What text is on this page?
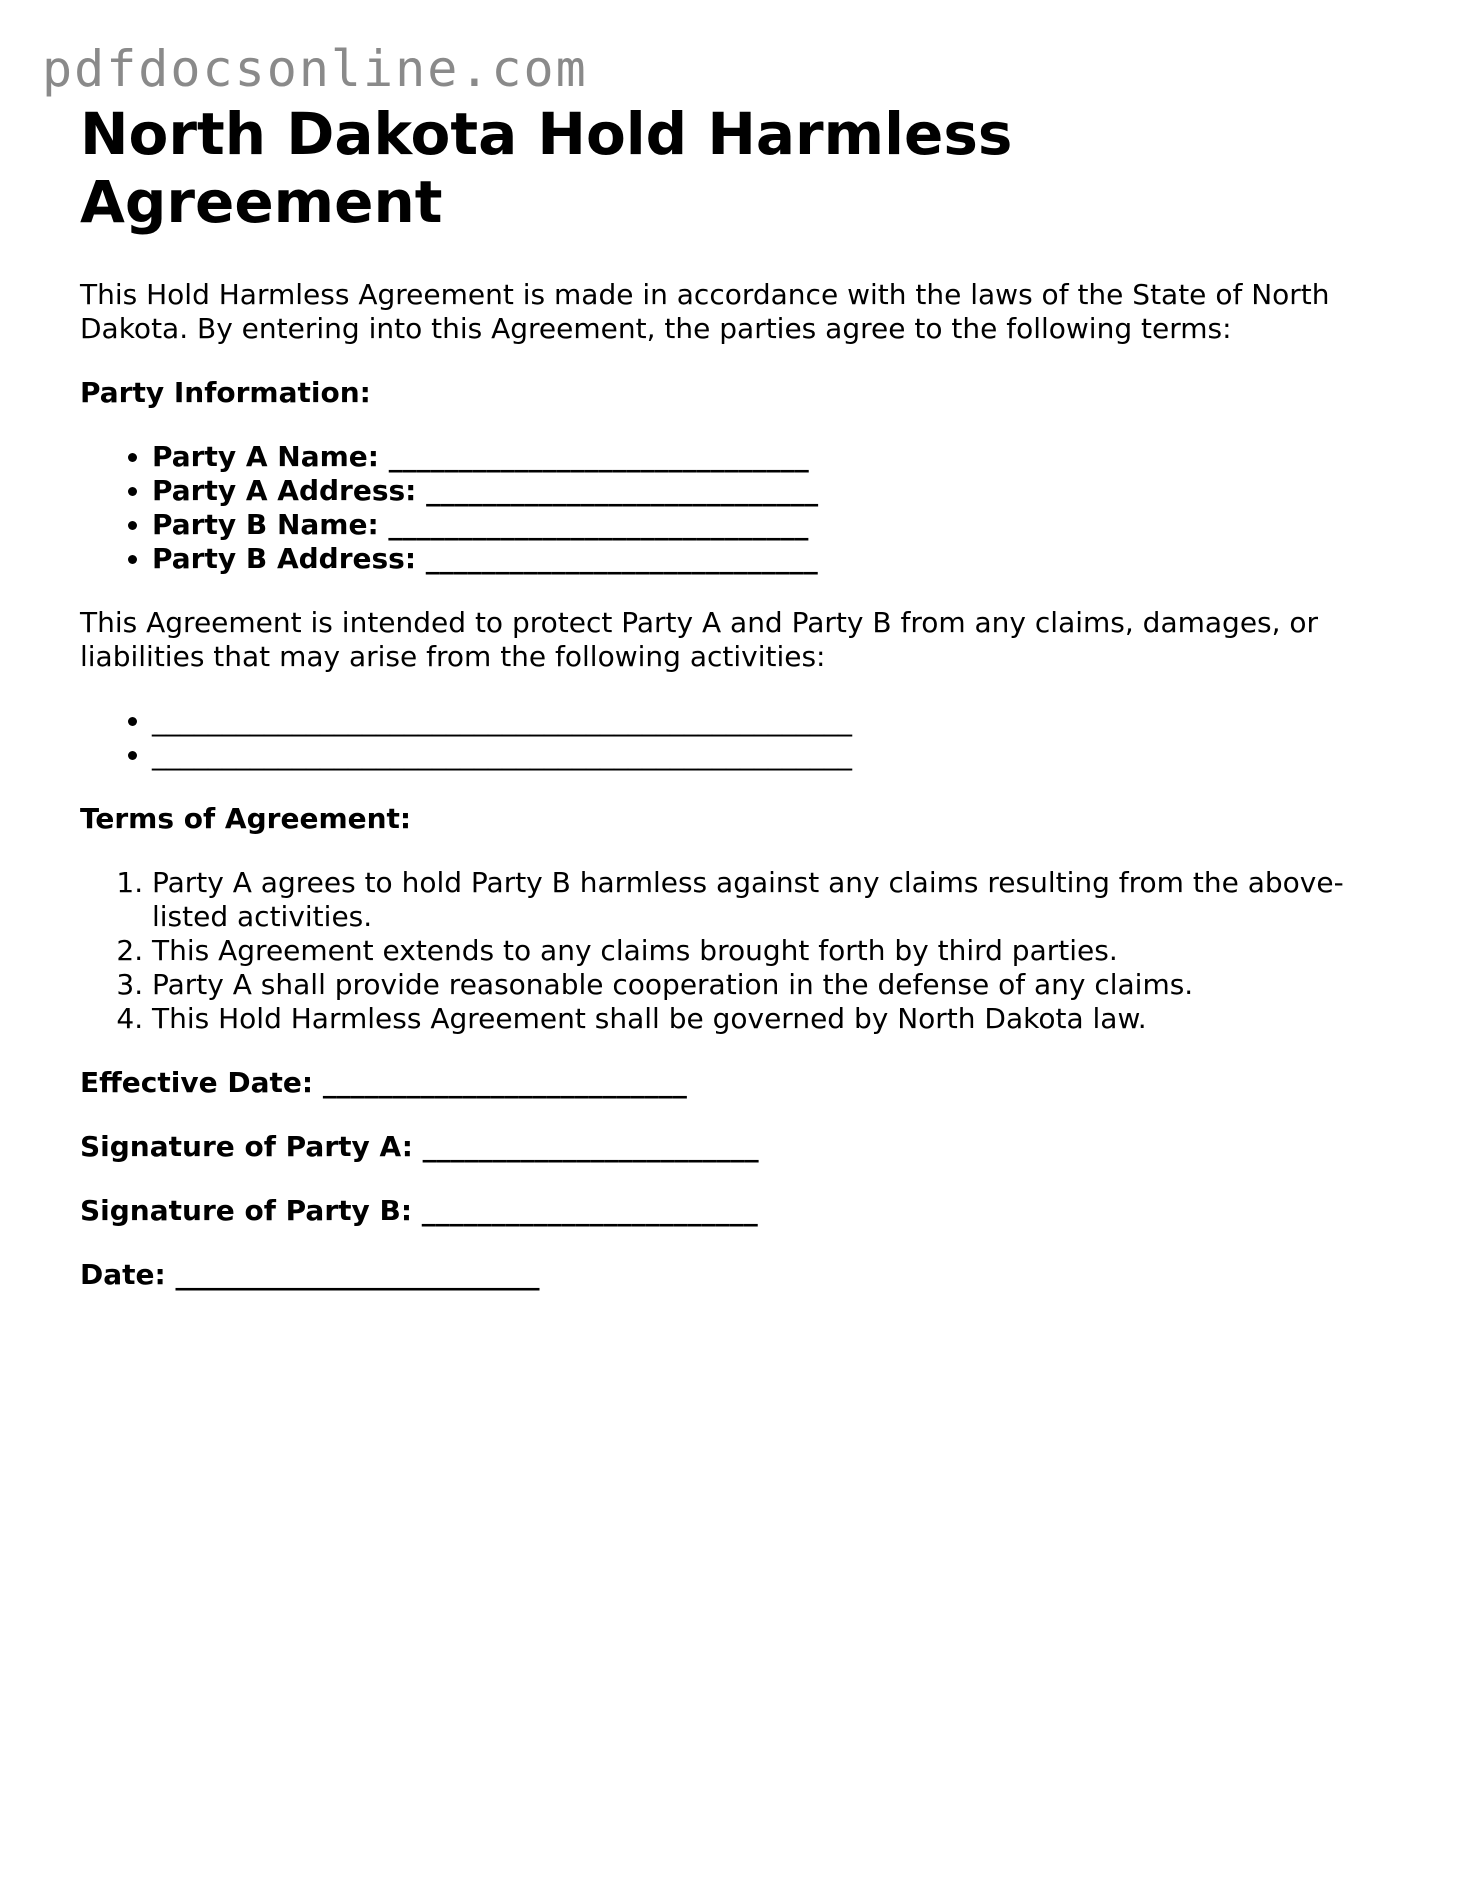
pdfdocsonline.com
North Dakota Hold Harmless Agreement

This Hold Harmless Agreement is made in accordance with the laws of the State of North Dakota. By entering into this Agreement, the parties agree to the following terms:

Party Information:

• Party A Name: ______________________________
• Party A Address: ____________________________
• Party B Name: ______________________________
• Party B Address: ____________________________

This Agreement is intended to protect Party A and Party B from any claims, damages, or liabilities that may arise from the following activities:

• __________________________________________________
• __________________________________________________

Terms of Agreement:

1. Party A agrees to hold Party B harmless against any claims resulting from the above-listed activities.
2. This Agreement extends to any claims brought forth by third parties.
3. Party A shall provide reasonable cooperation in the defense of any claims.
4. This Hold Harmless Agreement shall be governed by North Dakota law.

Effective Date: __________________________

Signature of Party A: ________________________

Signature of Party B: ________________________

Date: __________________________
